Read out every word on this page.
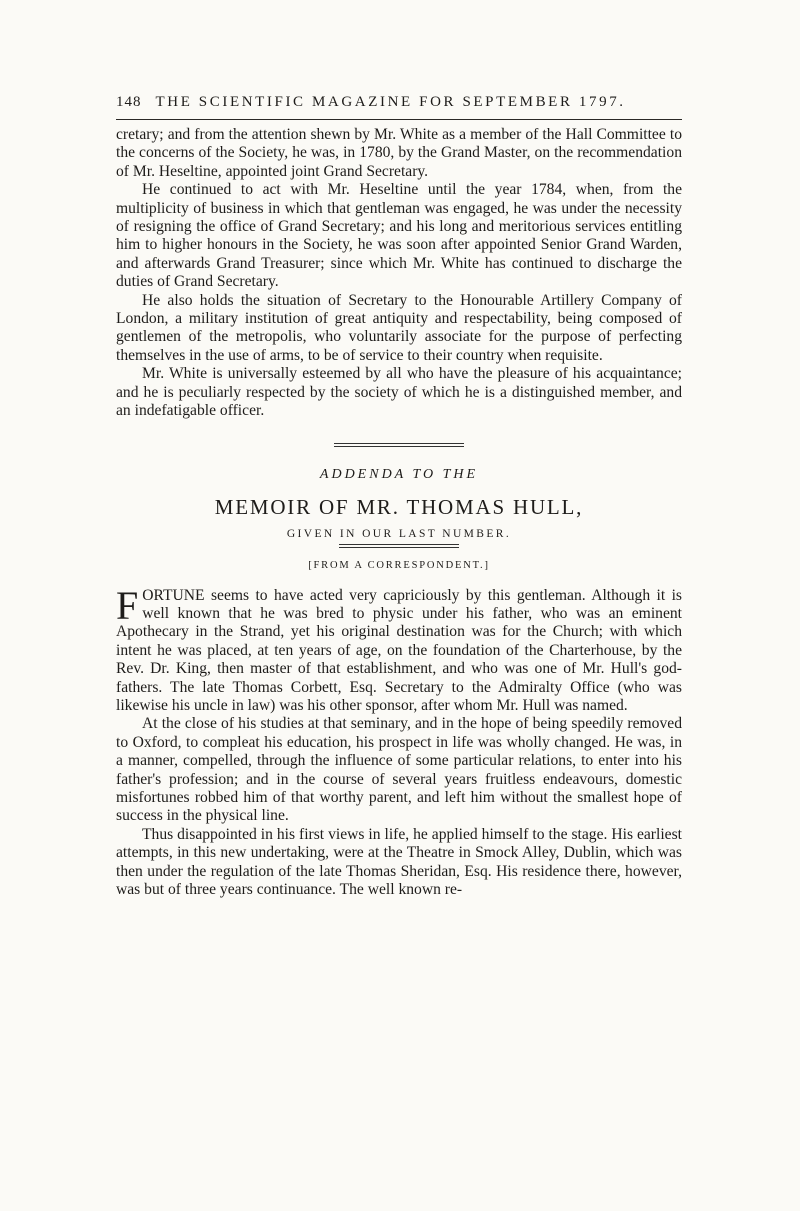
148 THE SCIENTIFIC MAGAZINE FOR SEPTEMBER 1797.

cretary; and from the attention shewn by Mr. White as a member of the Hall Committee to the concerns of the Society, he was, in 1780, by the Grand Master, on the recommendation of Mr. Heseltine, appointed joint Grand Secretary.

He continued to act with Mr. Heseltine until the year 1784, when, from the multiplicity of business in which that gentleman was engaged, he was under the necessity of resigning the office of Grand Secretary; and his long and meritorious services entitling him to higher honours in the Society, he was soon after appointed Senior Grand Warden, and afterwards Grand Treasurer; since which Mr. White has continued to discharge the duties of Grand Secretary.

He also holds the situation of Secretary to the Honourable Artillery Company of London, a military institution of great antiquity and respectability, being composed of gentlemen of the metropolis, who voluntarily associate for the purpose of perfecting themselves in the use of arms, to be of service to their country when requisite.

Mr. White is universally esteemed by all who have the pleasure of his acquaintance; and he is peculiarly respected by the society of which he is a distinguished member, and an indefatigable officer.

ADDENDA TO THE
MEMOIR OF MR. THOMAS HULL,
GIVEN IN OUR LAST NUMBER.
[FROM A CORRESPONDENT.]

FORTUNE seems to have acted very capriciously by this gentleman. Although it is well known that he was bred to physic under his father, who was an eminent Apothecary in the Strand, yet his original destination was for the Church; with which intent he was placed, at ten years of age, on the foundation of the Charterhouse, by the Rev. Dr. King, then master of that establishment, and who was one of Mr. Hull's god-fathers. The late Thomas Corbett, Esq. Secretary to the Admiralty Office (who was likewise his uncle in law) was his other sponsor, after whom Mr. Hull was named.

At the close of his studies at that seminary, and in the hope of being speedily removed to Oxford, to compleat his education, his prospect in life was wholly changed. He was, in a manner, compelled, through the influence of some particular relations, to enter into his father's profession; and in the course of several years fruitless endeavours, domestic misfortunes robbed him of that worthy parent, and left him without the smallest hope of success in the physical line.

Thus disappointed in his first views in life, he applied himself to the stage. His earliest attempts, in this new undertaking, were at the Theatre in Smock Alley, Dublin, which was then under the regulation of the late Thomas Sheridan, Esq. His residence there, however, was but of three years continuance. The well known re-
